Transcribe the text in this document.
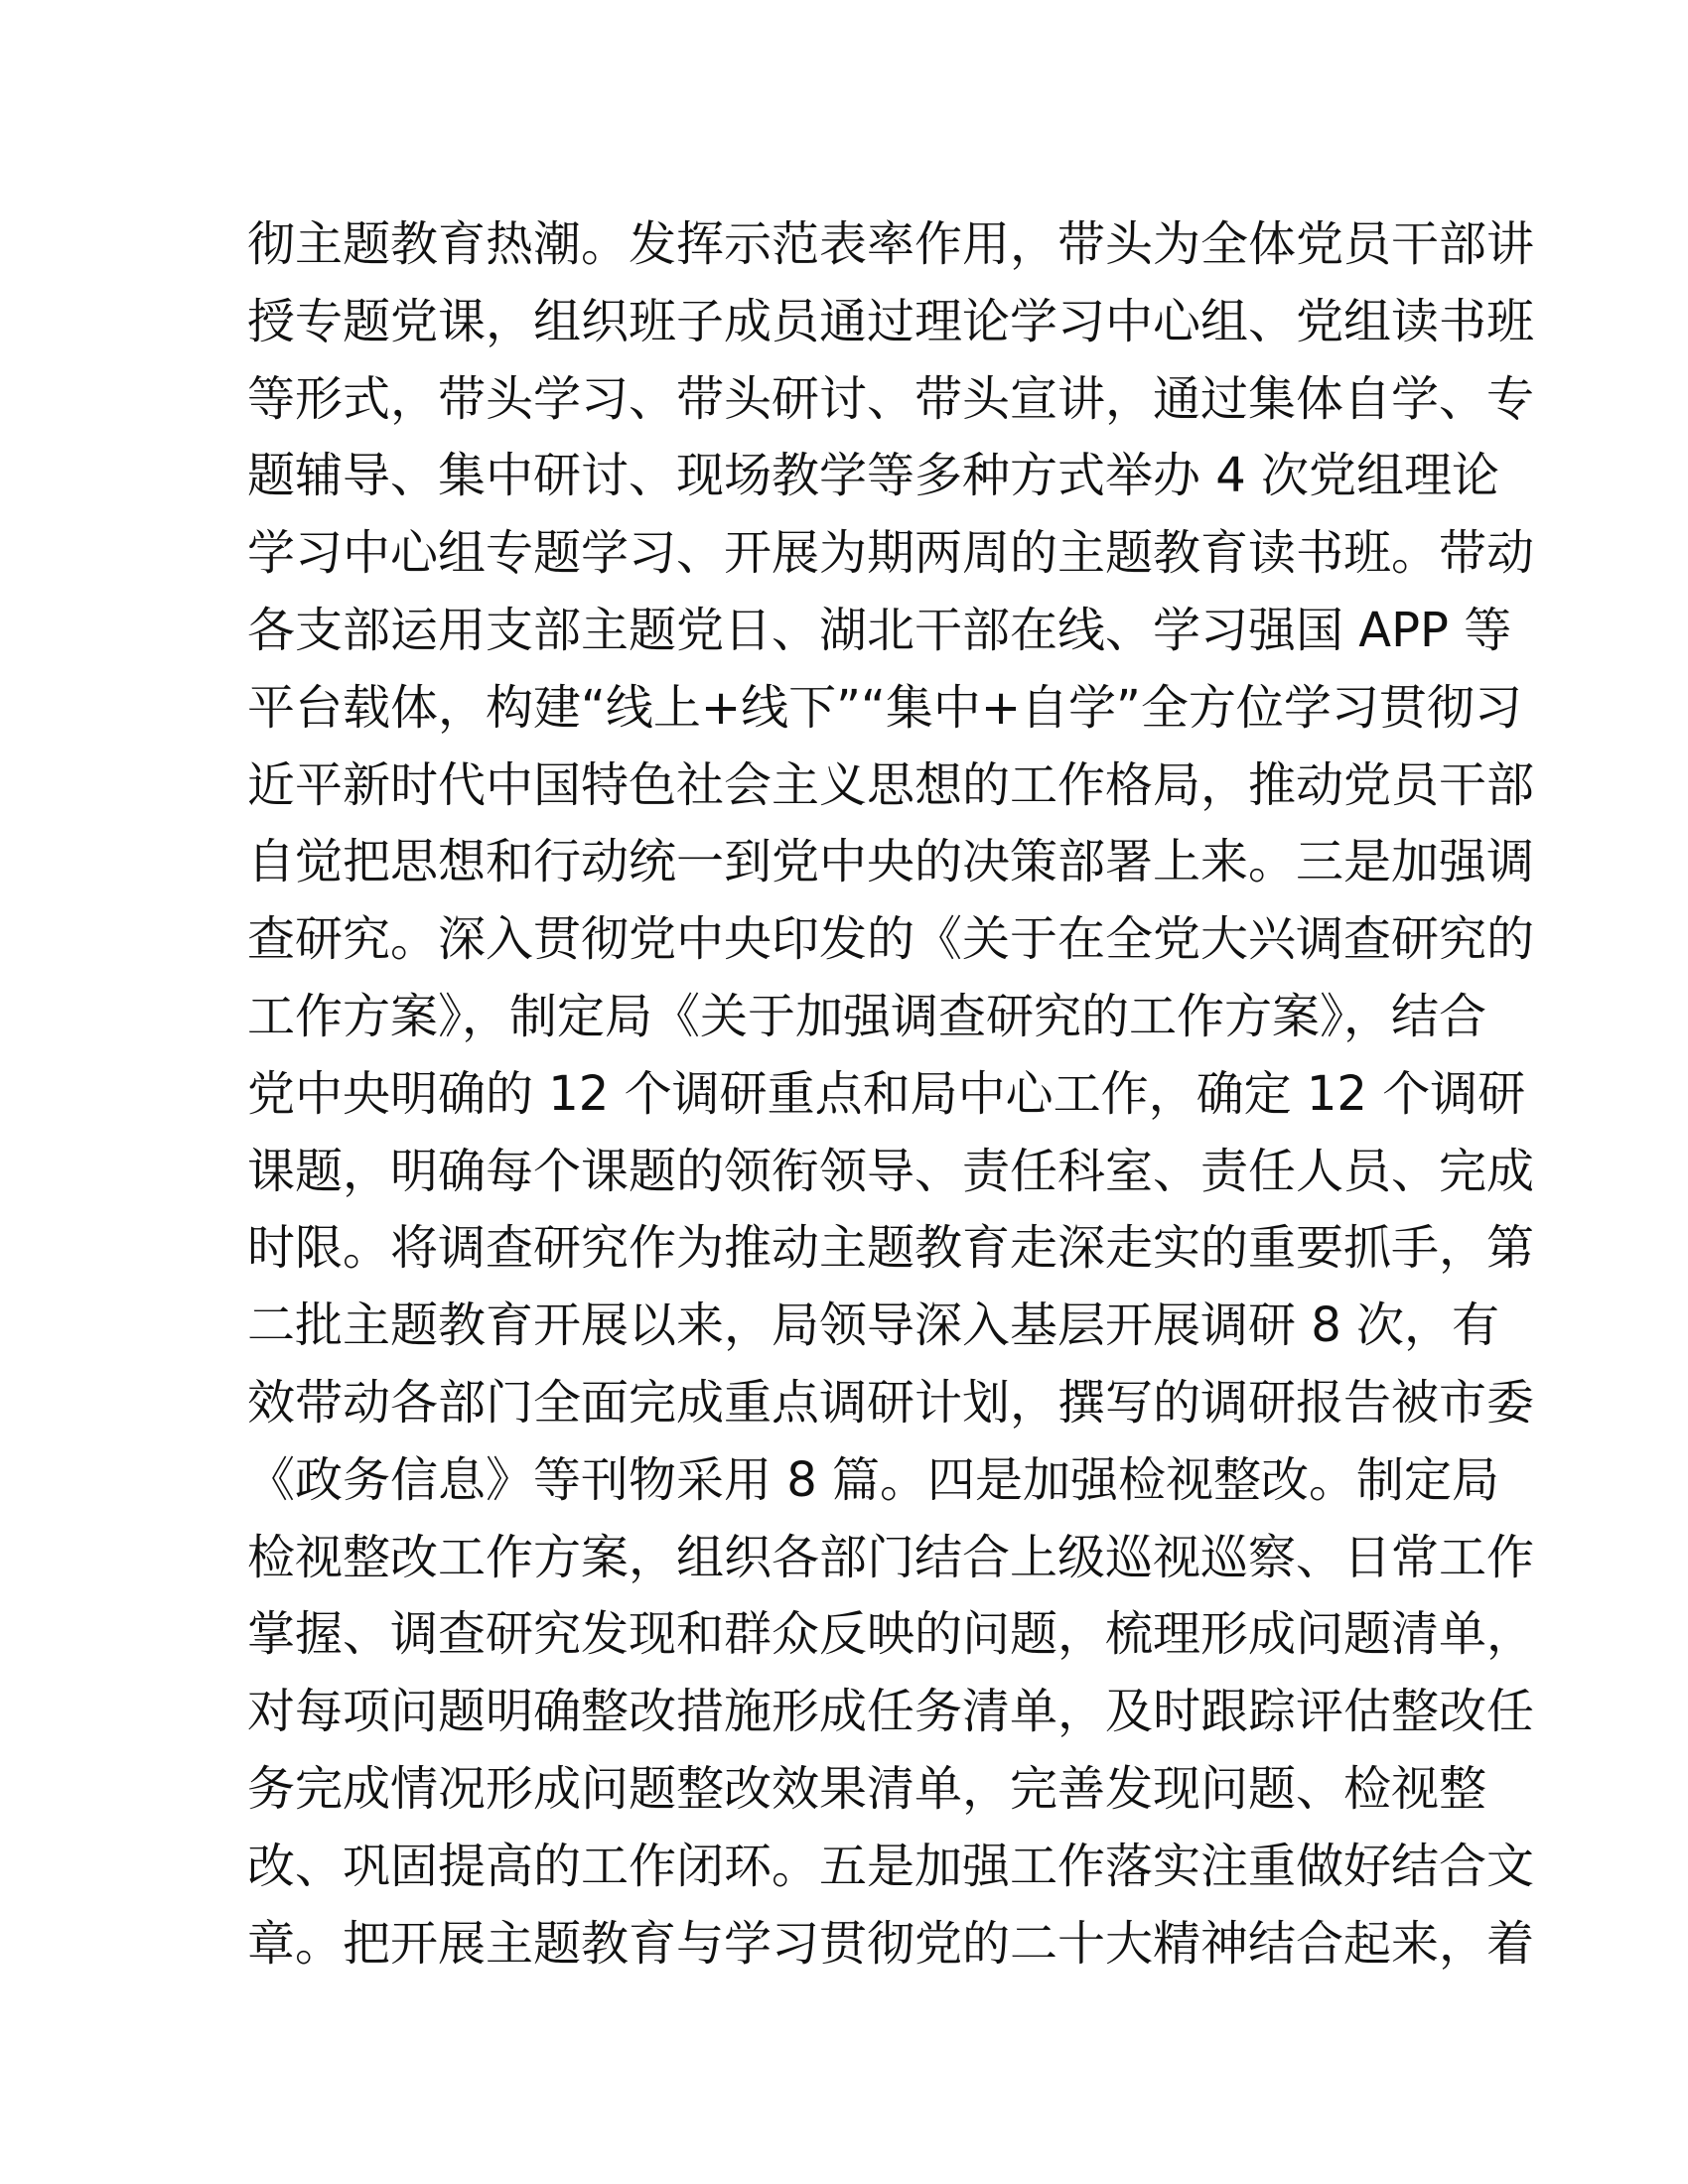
彻主题教育热潮。发挥示范表率作用，带头为全体党员干部讲
授专题党课，组织班子成员通过理论学习中心组、党组读书班
等形式，带头学习、带头研讨、带头宣讲，通过集体自学、专
题辅导、集中研讨、现场教学等多种方式举办 4 次党组理论
学习中心组专题学习、开展为期两周的主题教育读书班。带动
各支部运用支部主题党日、湖北干部在线、学习强国 APP 等
平台载体，构建“线上+线下”“集中+自学”全方位学习贯彻习
近平新时代中国特色社会主义思想的工作格局，推动党员干部
自觉把思想和行动统一到党中央的决策部署上来。三是加强调
查研究。深入贯彻党中央印发的《关于在全党大兴调查研究的
工作方案》，制定局《关于加强调查研究的工作方案》，结合
党中央明确的 12 个调研重点和局中心工作，确定 12 个调研
课题，明确每个课题的领衔领导、责任科室、责任人员、完成
时限。将调查研究作为推动主题教育走深走实的重要抓手，第
二批主题教育开展以来，局领导深入基层开展调研 8 次，有
效带动各部门全面完成重点调研计划，撰写的调研报告被市委
《政务信息》等刊物采用 8 篇。四是加强检视整改。制定局
检视整改工作方案，组织各部门结合上级巡视巡察、日常工作
掌握、调查研究发现和群众反映的问题，梳理形成问题清单，
对每项问题明确整改措施形成任务清单，及时跟踪评估整改任
务完成情况形成问题整改效果清单，完善发现问题、检视整
改、巩固提高的工作闭环。五是加强工作落实注重做好结合文
章。把开展主题教育与学习贯彻党的二十大精神结合起来，着
